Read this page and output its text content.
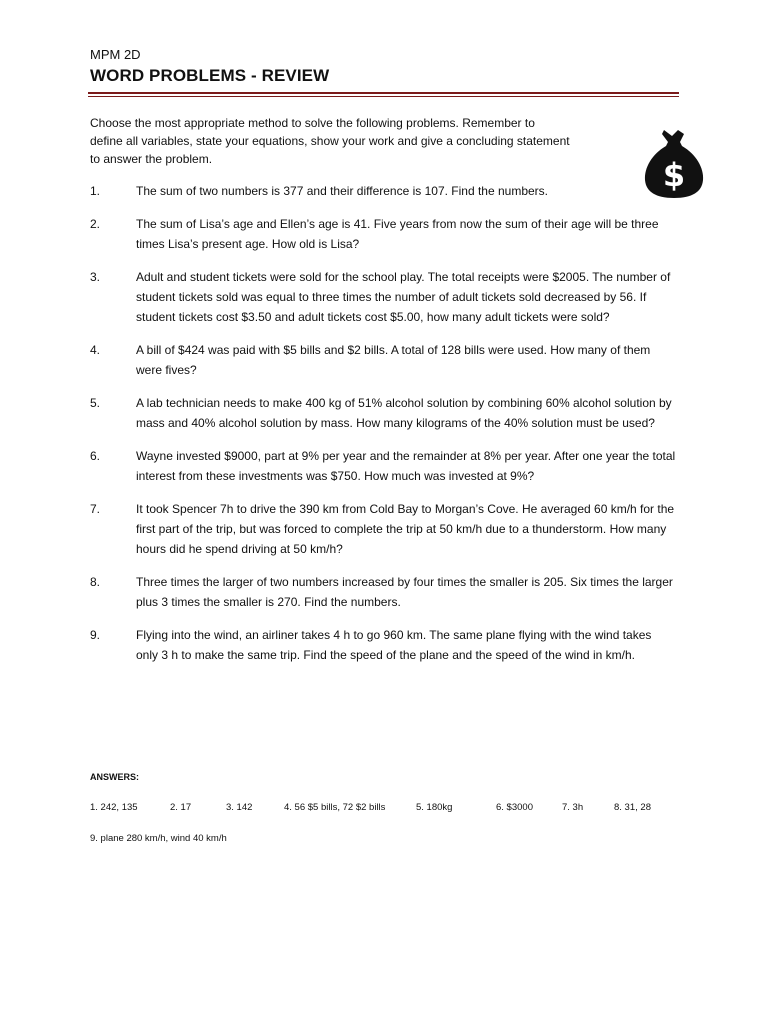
MPM 2D
WORD PROBLEMS - REVIEW
Choose the most appropriate method to solve the following problems. Remember to
define all variables, state your equations, show your work and give a concluding statement
to answer the problem.	$
1.	The sum of two numbers is 377 and their difference is 107. Find the numbers.
2.	The sum of Lisa’s age and Ellen’s age is 41. Five years from now the sum of their age will be three times Lisa’s present age. How old is Lisa?
3.	Adult and student tickets were sold for the school play. The total receipts were $2005. The number of student tickets sold was equal to three times the number of adult tickets sold decreased by 56. If student tickets cost $3.50 and adult tickets cost $5.00, how many adult tickets were sold?
4.	A bill of $424 was paid with $5 bills and $2 bills. A total of 128 bills were used. How many of them were fives?
5.	A lab technician needs to make 400 kg of 51% alcohol solution by combining 60% alcohol solution by mass and 40% alcohol solution by mass. How many kilograms of the 40% solution must be used?
6.	Wayne invested $9000, part at 9% per year and the remainder at 8% per year. After one year the total interest from these investments was $750. How much was invested at 9%?
7.	It took Spencer 7h to drive the 390 km from Cold Bay to Morgan’s Cove. He averaged 60 km/h for the first part of the trip, but was forced to complete the trip at 50 km/h due to a thunderstorm. How many hours did he spend driving at 50 km/h?
8.	Three times the larger of two numbers increased by four times the smaller is 205. Six times the larger plus 3 times the smaller is 270. Find the numbers.
9.	Flying into the wind, an airliner takes 4 h to go 960 km. The same plane flying with the wind takes only 3 h to make the same trip. Find the speed of the plane and the speed of the wind in km/h.
ANSWERS:
1. 242, 135	2. 17	3. 142	4. 56 $5 bills, 72 $2 bills	5. 180kg	6. $3000	7. 3h	8. 31, 28
9. plane 280 km/h, wind 40 km/h
